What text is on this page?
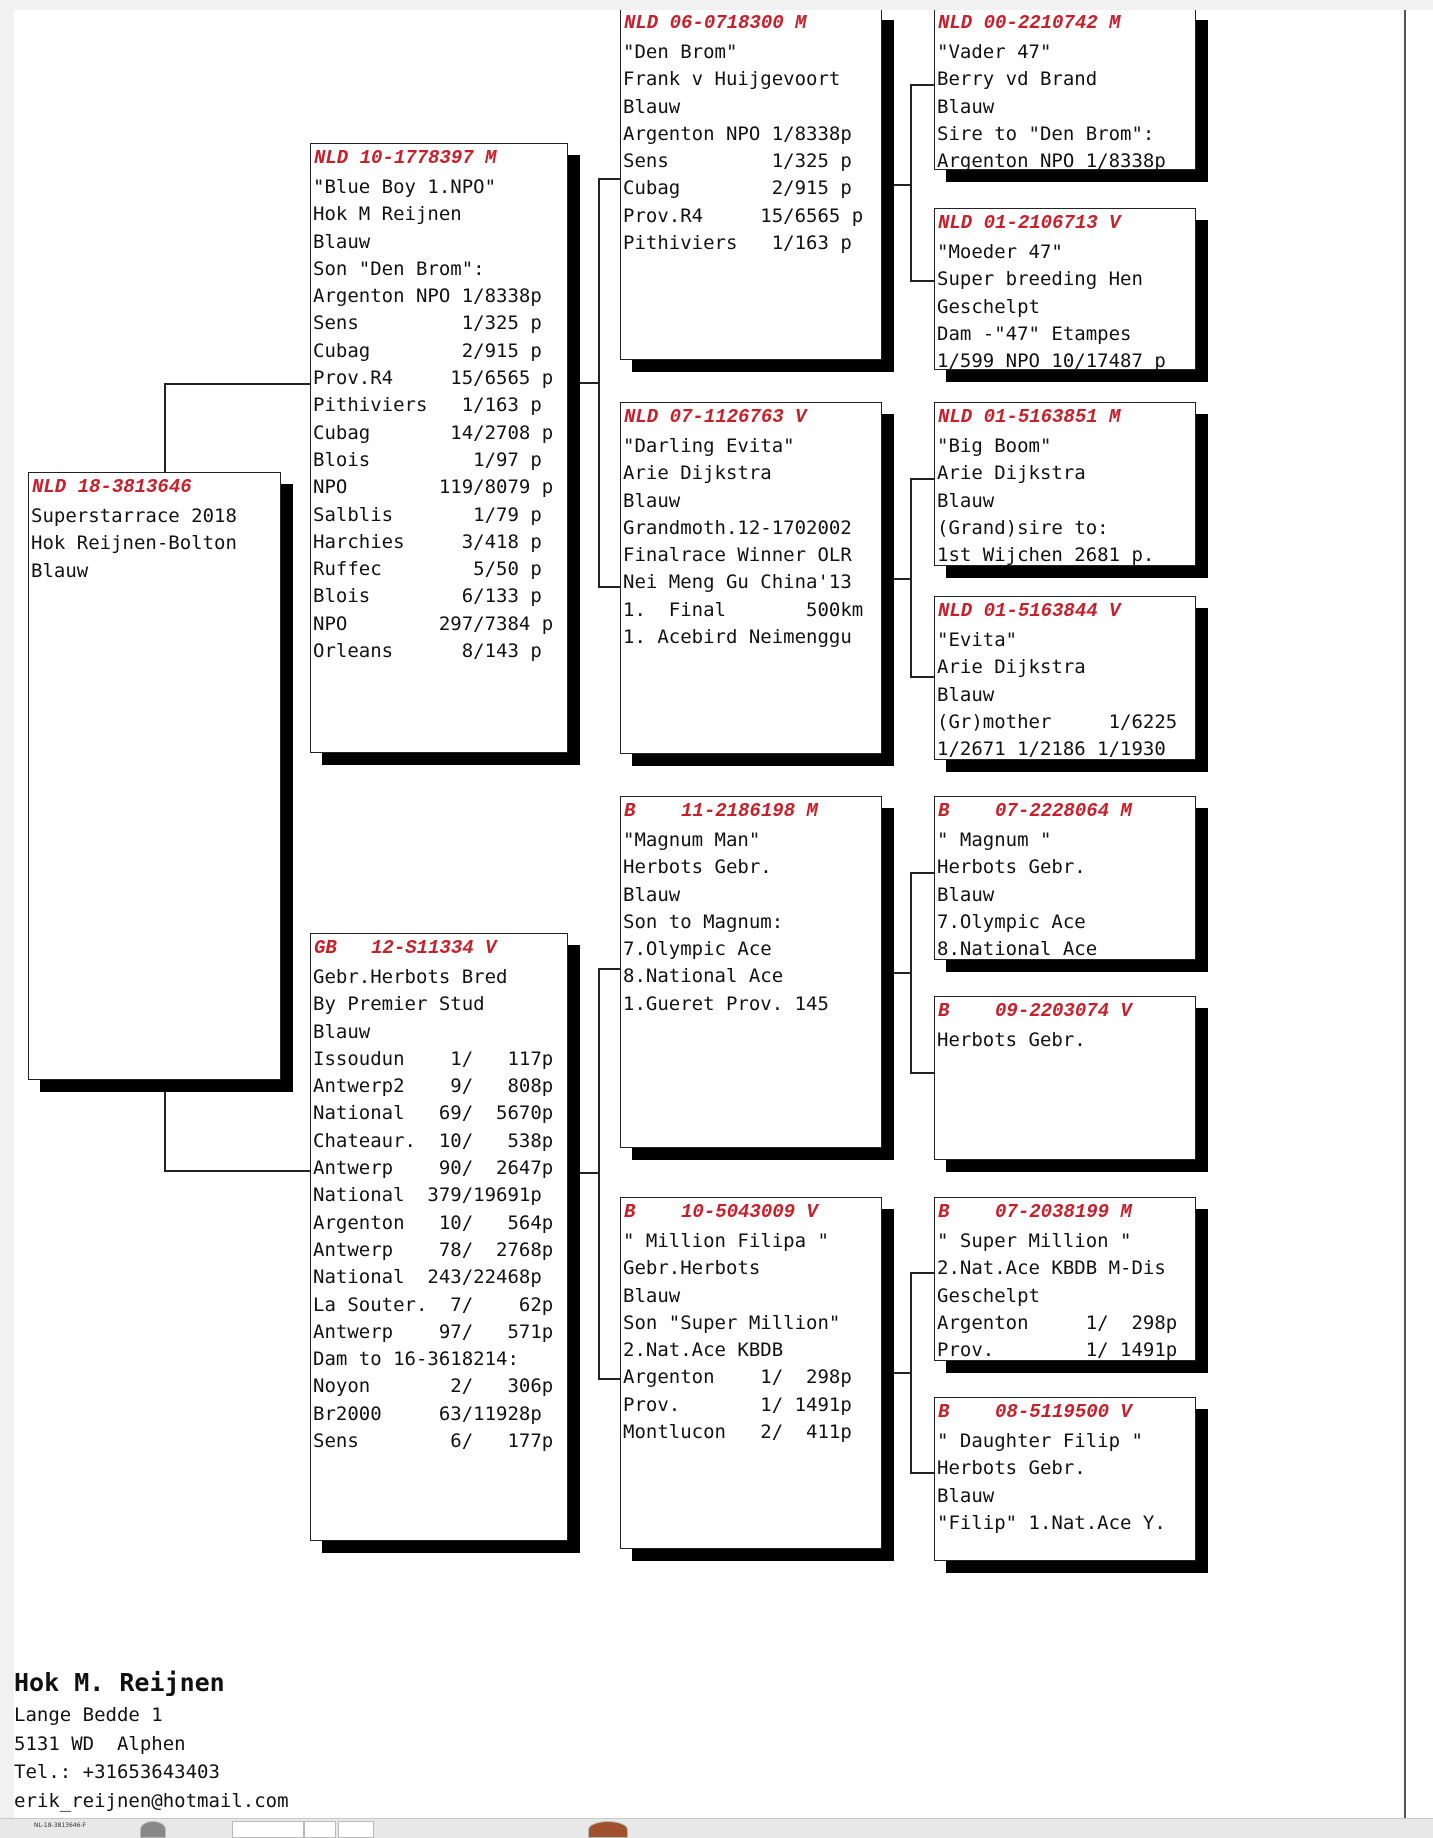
NLD 18-3813646
Superstarrace 2018
Hok Reijnen-Bolton
Blauw
NLD 10-1778397 M
"Blue Boy 1.NPO"
Hok M Reijnen
Blauw
Son "Den Brom":
Argenton NPO 1/8338p
Sens         1/325 p
Cubag        2/915 p
Prov.R4     15/6565 p
Pithiviers   1/163 p
Cubag       14/2708 p
Blois         1/97 p
NPO        119/8079 p
Salblis       1/79 p
Harchies     3/418 p
Ruffec        5/50 p
Blois        6/133 p
NPO        297/7384 p
Orleans      8/143 p
GB   12-S11334 V
Gebr.Herbots Bred
By Premier Stud
Blauw
Issoudun    1/   117p
Antwerp2    9/   808p
National   69/  5670p
Chateaur.  10/   538p
Antwerp    90/  2647p
National  379/19691p
Argenton   10/   564p
Antwerp    78/  2768p
National  243/22468p
La Souter.  7/    62p
Antwerp    97/   571p
Dam to 16-3618214:
Noyon       2/   306p
Br2000     63/11928p
Sens        6/   177p
NLD 06-0718300 M
"Den Brom"
Frank v Huijgevoort
Blauw
Argenton NPO 1/8338p
Sens         1/325 p
Cubag        2/915 p
Prov.R4     15/6565 p
Pithiviers   1/163 p
NLD 07-1126763 V
"Darling Evita"
Arie Dijkstra
Blauw
Grandmoth.12-1702002
Finalrace Winner OLR
Nei Meng Gu China'13
1.  Final       500km
1. Acebird Neimenggu
B    11-2186198 M
"Magnum Man"
Herbots Gebr.
Blauw
Son to Magnum:
7.Olympic Ace
8.National Ace
1.Gueret Prov. 145
B    10-5043009 V
" Million Filipa "
Gebr.Herbots
Blauw
Son "Super Million"
2.Nat.Ace KBDB
Argenton    1/  298p
Prov.       1/ 1491p
Montlucon   2/  411p
NLD 00-2210742 M
"Vader 47"
Berry vd Brand
Blauw
Sire to "Den Brom":
Argenton NPO 1/8338p
NLD 01-2106713 V
"Moeder 47"
Super breeding Hen
Geschelpt
Dam -"47" Etampes
1/599 NPO 10/17487 p
NLD 01-5163851 M
"Big Boom"
Arie Dijkstra
Blauw
(Grand)sire to:
1st Wijchen 2681 p.
NLD 01-5163844 V
"Evita"
Arie Dijkstra
Blauw
(Gr)mother     1/6225
1/2671 1/2186 1/1930
B    07-2228064 M
" Magnum "
Herbots Gebr.
Blauw
7.Olympic Ace
8.National Ace
B    09-2203074 V
Herbots Gebr.
B    07-2038199 M
" Super Million "
2.Nat.Ace KBDB M-Dis
Geschelpt
Argenton     1/  298p
Prov.        1/ 1491p
B    08-5119500 V
" Daughter Filip "
Herbots Gebr.
Blauw
"Filip" 1.Nat.Ace Y.
Hok M. Reijnen
Lange Bedde 1
5131 WD  Alphen
Tel.: +31653643403
erik_reijnen@hotmail.com
NL-18-3813646-F
